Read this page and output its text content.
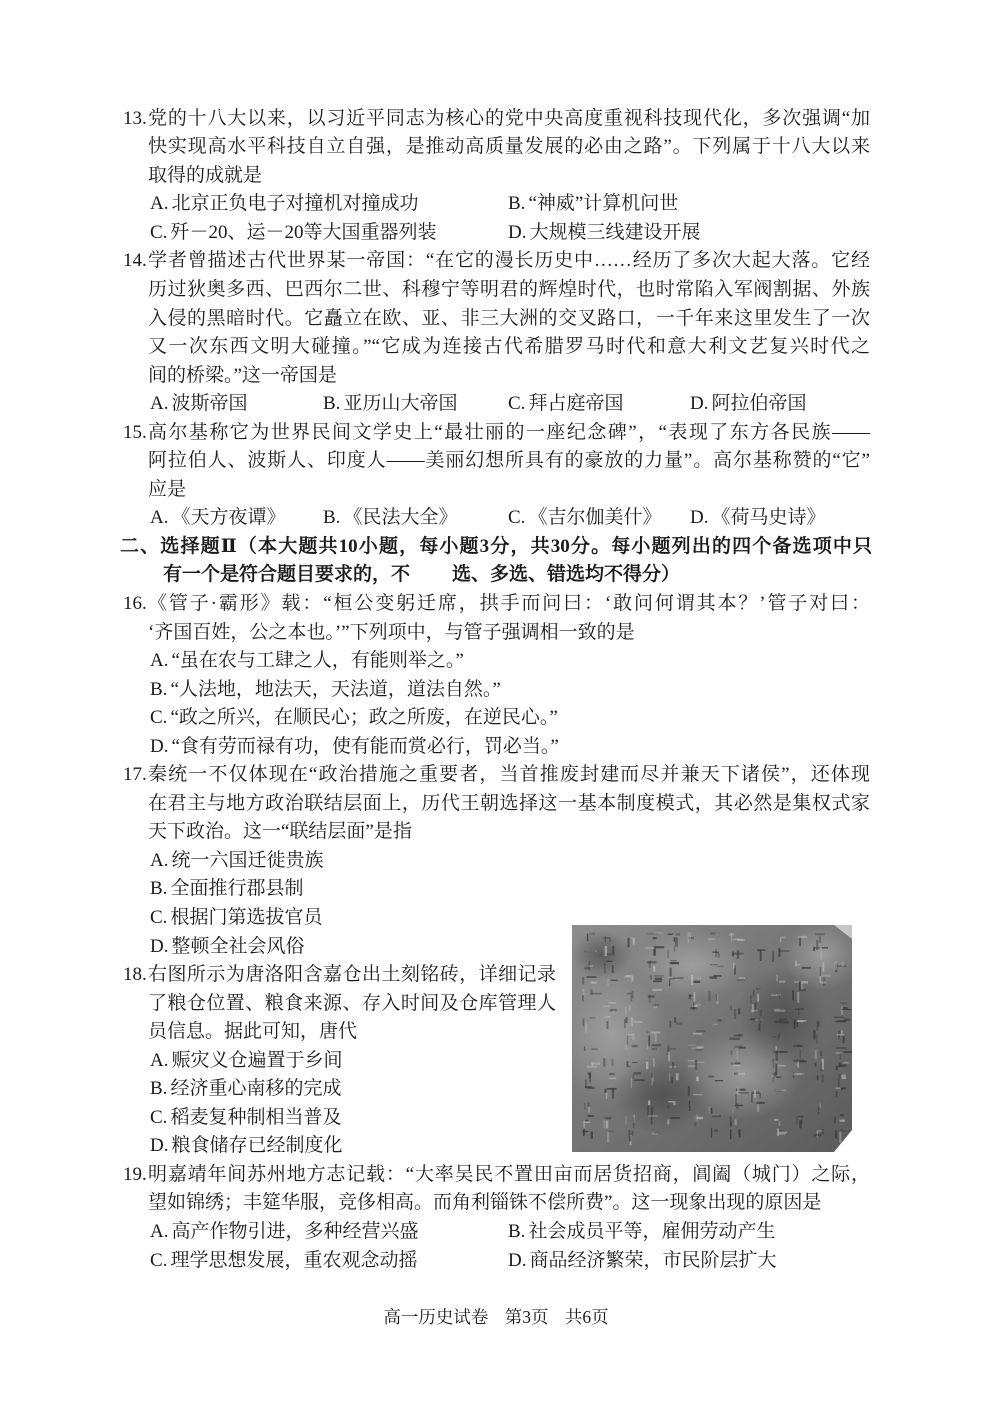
13. 党的十八大以来，以习近平同志为核心的党中央高度重视科技现代化，多次强调“加
快实现高水平科技自立自强，是推动高质量发展的必由之路”。下列属于十八大以来
取得的成就是
A. 北京正负电子对撞机对撞成功	B. “神威”计算机问世
C. 歼－20、运－20等大国重器列装	D. 大规模三线建设开展
14. 学者曾描述古代世界某一帝国：“在它的漫长历史中……经历了多次大起大落。它经
历过狄奥多西、巴西尔二世、科穆宁等明君的辉煌时代，也时常陷入军阀割据、外族
入侵的黑暗时代。它矗立在欧、亚、非三大洲的交叉路口，一千年来这里发生了一次
又一次东西文明大碰撞。”“它成为连接古代希腊罗马时代和意大利文艺复兴时代之
间的桥梁。”这一帝国是
A. 波斯帝国	B. 亚历山大帝国	C. 拜占庭帝国	D. 阿拉伯帝国
15. 高尔基称它为世界民间文学史上“最壮丽的一座纪念碑”，“表现了东方各民族——
阿拉伯人、波斯人、印度人——美丽幻想所具有的豪放的力量”。高尔基称赞的“它”
应是
A. 《天方夜谭》 B. 《民法大全》	C. 《吉尔伽美什》 D. 《荷马史诗》
二、选择题Ⅱ（本大题共10小题，每小题3分，共30分。每小题列出的四个备选项中只
有一个是符合题目要求的，不 选、多选、错选均不得分）
16. 《管子·霸形》载：“桓公变躬迁席，拱手而问曰：‘敢问何谓其本？’管子对曰：
‘齐国百姓，公之本也。’”下列项中，与管子强调相一致的是
A. “虽在农与工肆之人，有能则举之。”
B. “人法地，地法天，天法道，道法自然。”
C. “政之所兴，在顺民心；政之所废，在逆民心。”
D. “食有劳而禄有功，使有能而赏必行，罚必当。”
17. 秦统一不仅体现在“政治措施之重要者，当首推废封建而尽并兼天下诸侯”，还体现
在君主与地方政治联结层面上，历代王朝选择这一基本制度模式，其必然是集权式家
天下政治。这一“联结层面”是指
A. 统一六国迁徙贵族
B. 全面推行郡县制
C. 根据门第选拔官员
D. 整顿全社会风俗
18. 右图所示为唐洛阳含嘉仓出土刻铭砖，详细记录
了粮仓位置、粮食来源、存入时间及仓库管理人
员信息。据此可知，唐代
A. 赈灾义仓遍置于乡间
B. 经济重心南移的完成
C. 稻麦复种制相当普及
D. 粮食储存已经制度化
19. 明嘉靖年间苏州地方志记载：“大率吴民不置田亩而居货招商，阊阖（城门）之际，
望如锦绣；丰筵华服，竞侈相高。而角利锱铢不偿所费”。这一现象出现的原因是
A. 高产作物引进，多种经营兴盛	B. 社会成员平等，雇佣劳动产生
C. 理学思想发展，重农观念动摇	D. 商品经济繁荣，市民阶层扩大
高一历史试卷 第3页 共6页
